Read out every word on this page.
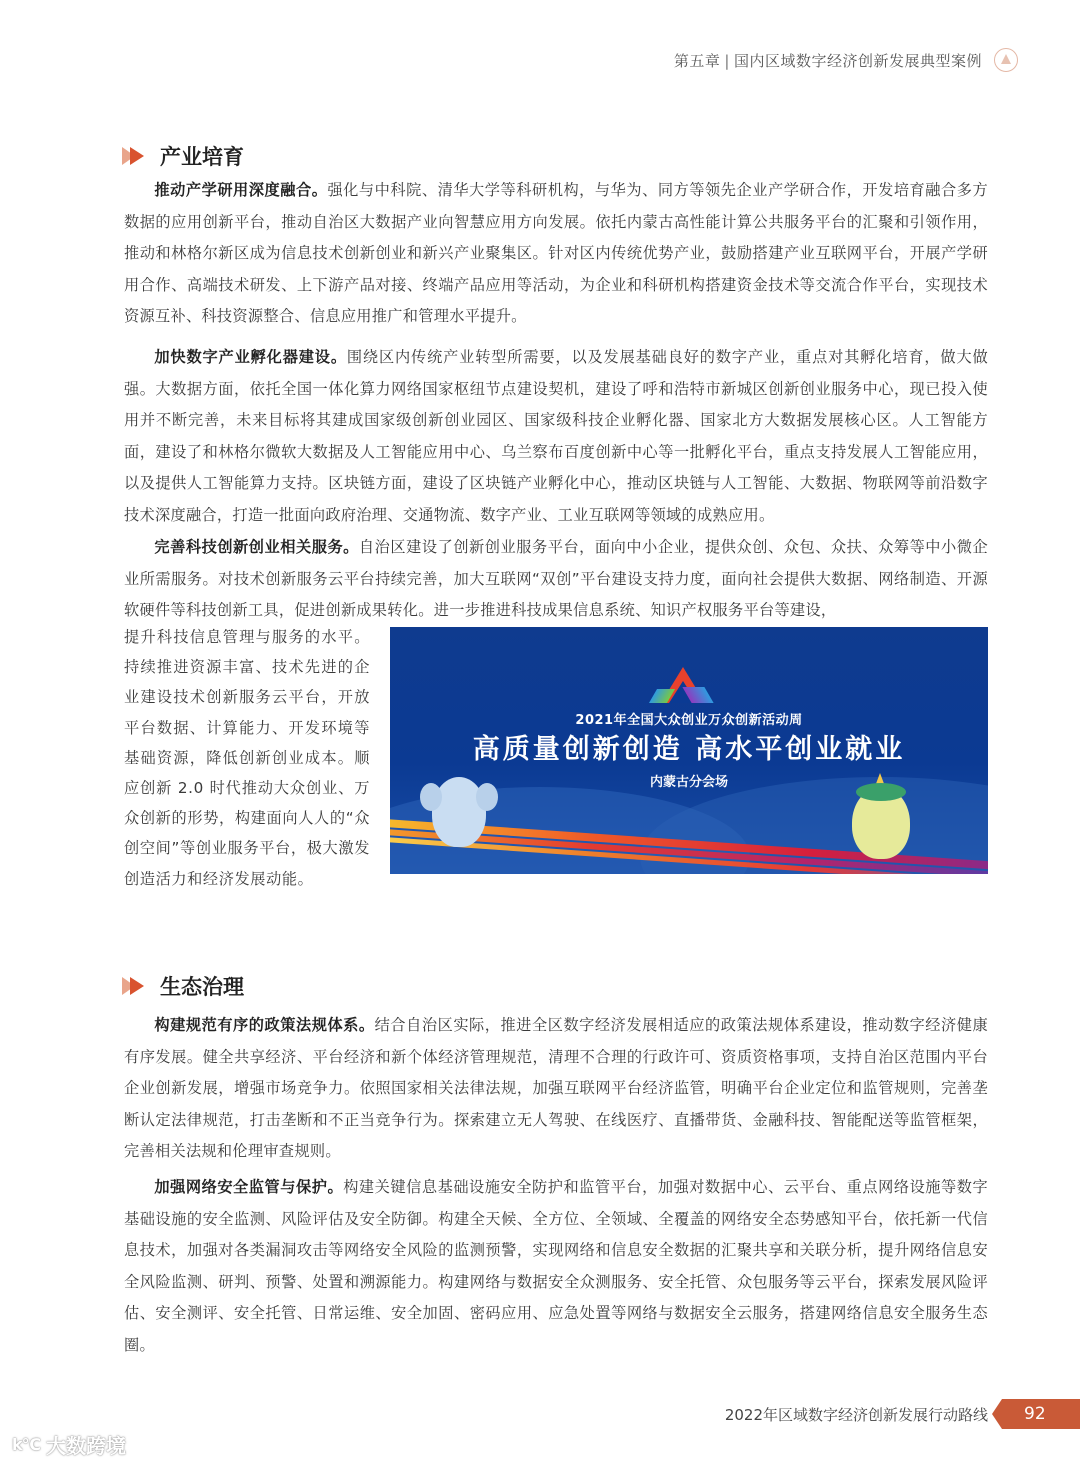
第五章 | 国内区域数字经济创新发展典型案例
产业培育

推动产学研用深度融合。强化与中科院、清华大学等科研机构，与华为、同方等领先企业产学研合作，开发培育融合多方数据的应用创新平台，推动自治区大数据产业向智慧应用方向发展。依托内蒙古高性能计算公共服务平台的汇聚和引领作用，推动和林格尔新区成为信息技术创新创业和新兴产业聚集区。针对区内传统优势产业，鼓励搭建产业互联网平台，开展产学研用合作、高端技术研发、上下游产品对接、终端产品应用等活动，为企业和科研机构搭建资金技术等交流合作平台，实现技术资源互补、科技资源整合、信息应用推广和管理水平提升。

加快数字产业孵化器建设。围绕区内传统产业转型所需要，以及发展基础良好的数字产业，重点对其孵化培育，做大做强。大数据方面，依托全国一体化算力网络国家枢纽节点建设契机，建设了呼和浩特市新城区创新创业服务中心，现已投入使用并不断完善，未来目标将其建成国家级创新创业园区、国家级科技企业孵化器、国家北方大数据发展核心区。人工智能方面，建设了和林格尔微软大数据及人工智能应用中心、乌兰察布百度创新中心等一批孵化平台，重点支持发展人工智能应用，以及提供人工智能算力支持。区块链方面，建设了区块链产业孵化中心，推动区块链与人工智能、大数据、物联网等前沿数字技术深度融合，打造一批面向政府治理、交通物流、数字产业、工业互联网等领域的成熟应用。

完善科技创新创业相关服务。自治区建设了创新创业服务平台，面向中小企业，提供众创、众包、众扶、众筹等中小微企业所需服务。对技术创新服务云平台持续完善，加大互联网“双创”平台建设支持力度，面向社会提供大数据、网络制造、开源软硬件等科技创新工具，促进创新成果转化。进一步推进科技成果信息系统、知识产权服务平台等建设，

提升科技信息管理与服务的水平。持续推进资源丰富、技术先进的企业建设技术创新服务云平台，开放平台数据、计算能力、开发环境等基础资源，降低创新创业成本。顺应创新 2.0 时代推动大众创业、万众创新的形势，构建面向人人的“众创空间”等创业服务平台，极大激发创造活力和经济发展动能。

2021年全国大众创业万众创新活动周
高质量创新创造 高水平创业就业
内蒙古分会场
生态治理

构建规范有序的政策法规体系。结合自治区实际，推进全区数字经济发展相适应的政策法规体系建设，推动数字经济健康有序发展。健全共享经济、平台经济和新个体经济管理规范，清理不合理的行政许可、资质资格事项，支持自治区范围内平台企业创新发展，增强市场竞争力。依照国家相关法律法规，加强互联网平台经济监管，明确平台企业定位和监管规则，完善垄断认定法律规范，打击垄断和不正当竞争行为。探索建立无人驾驶、在线医疗、直播带货、金融科技、智能配送等监管框架，完善相关法规和伦理审查规则。

加强网络安全监管与保护。构建关键信息基础设施安全防护和监管平台，加强对数据中心、云平台、重点网络设施等数字基础设施的安全监测、风险评估及安全防御。构建全天候、全方位、全领域、全覆盖的网络安全态势感知平台，依托新一代信息技术，加强对各类漏洞攻击等网络安全风险的监测预警，实现网络和信息安全数据的汇聚共享和关联分析，提升网络信息安全风险监测、研判、预警、处置和溯源能力。构建网络与数据安全众测服务、安全托管、众包服务等云平台，探索发展风险评估、安全测评、安全托管、日常运维、安全加固、密码应用、应急处置等网络与数据安全云服务，搭建网络信息安全服务生态圈。

2022年区域数字经济创新发展行动路线	92
k℃ 大数跨境
